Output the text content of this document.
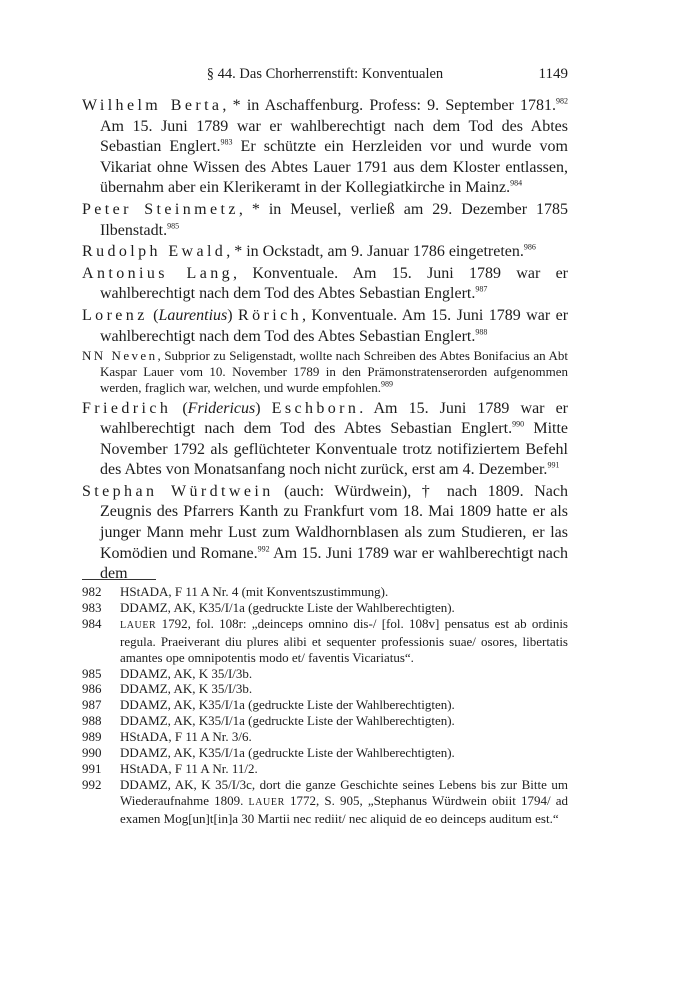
§ 44. Das Chorherrenstift: Konventualen	1149

Wilhelm Berta, * in Aschaffenburg. Profess: 9. September 1781.$^{982}$ Am 15. Juni 1789 war er wahlberechtigt nach dem Tod des Abtes Sebastian Englert.$^{983}$ Er schützte ein Herzleiden vor und wurde vom Vikariat ohne Wissen des Abtes Lauer 1791 aus dem Kloster entlassen, übernahm aber ein Klerikeramt in der Kollegiatkirche in Mainz.$^{984}$

Peter Steinmetz, * in Meusel, verließ am 29. Dezember 1785 Ilbenstadt.$^{985}$

Rudolph Ewald, * in Ockstadt, am 9. Januar 1786 eingetreten.$^{986}$

Antonius Lang, Konventuale. Am 15. Juni 1789 war er wahlberechtigt nach dem Tod des Abtes Sebastian Englert.$^{987}$

Lorenz (Laurentius) Rörich, Konventuale. Am 15. Juni 1789 war er wahlberechtigt nach dem Tod des Abtes Sebastian Englert.$^{988}$

NN Neven, Subprior zu Seligenstadt, wollte nach Schreiben des Abtes Bonifacius an Abt Kaspar Lauer vom 10. November 1789 in den Prämonstratenserorden aufgenommen werden, fraglich war, welchen, und wurde empfohlen.$^{989}$

Friedrich (Fridericus) Eschborn. Am 15. Juni 1789 war er wahlberechtigt nach dem Tod des Abtes Sebastian Englert.$^{990}$ Mitte November 1792 als geflüchteter Konventuale trotz notifiziertem Befehl des Abtes von Monatsanfang noch nicht zurück, erst am 4. Dezember.$^{991}$

Stephan Würdtwein (auch: Würdwein), † nach 1809. Nach Zeugnis des Pfarrers Kanth zu Frankfurt vom 18. Mai 1809 hatte er als junger Mann mehr Lust zum Waldhornblasen als zum Studieren, er las Komödien und Romane.$^{992}$ Am 15. Juni 1789 war er wahlberechtigt nach dem

982 HStADA, F 11 A Nr. 4 (mit Konventszustimmung).
983 DDAMZ, AK, K35/I/1a (gedruckte Liste der Wahlberechtigten).
984 LAUER 1792, fol. 108r: „deinceps omnino dis-/ [fol. 108v] pensatus est ab ordinis regula. Praeiverant diu plures alibi et sequenter professionis suae/ osores, libertatis amantes ope omnipotentis modo et/ faventis Vicariatus“.
985 DDAMZ, AK, K 35/I/3b.
986 DDAMZ, AK, K 35/I/3b.
987 DDAMZ, AK, K35/I/1a (gedruckte Liste der Wahlberechtigten).
988 DDAMZ, AK, K35/I/1a (gedruckte Liste der Wahlberechtigten).
989 HStADA, F 11 A Nr. 3/6.
990 DDAMZ, AK, K35/I/1a (gedruckte Liste der Wahlberechtigten).
991 HStADA, F 11 A Nr. 11/2.
992 DDAMZ, AK, K 35/I/3c, dort die ganze Geschichte seines Lebens bis zur Bitte um Wiederaufnahme 1809. LAUER 1772, S. 905, „Stephanus Würdwein obiit 1794/ ad examen Mog[un]t[in]a 30 Martii nec rediit/ nec aliquid de eo deinceps auditum est.“
